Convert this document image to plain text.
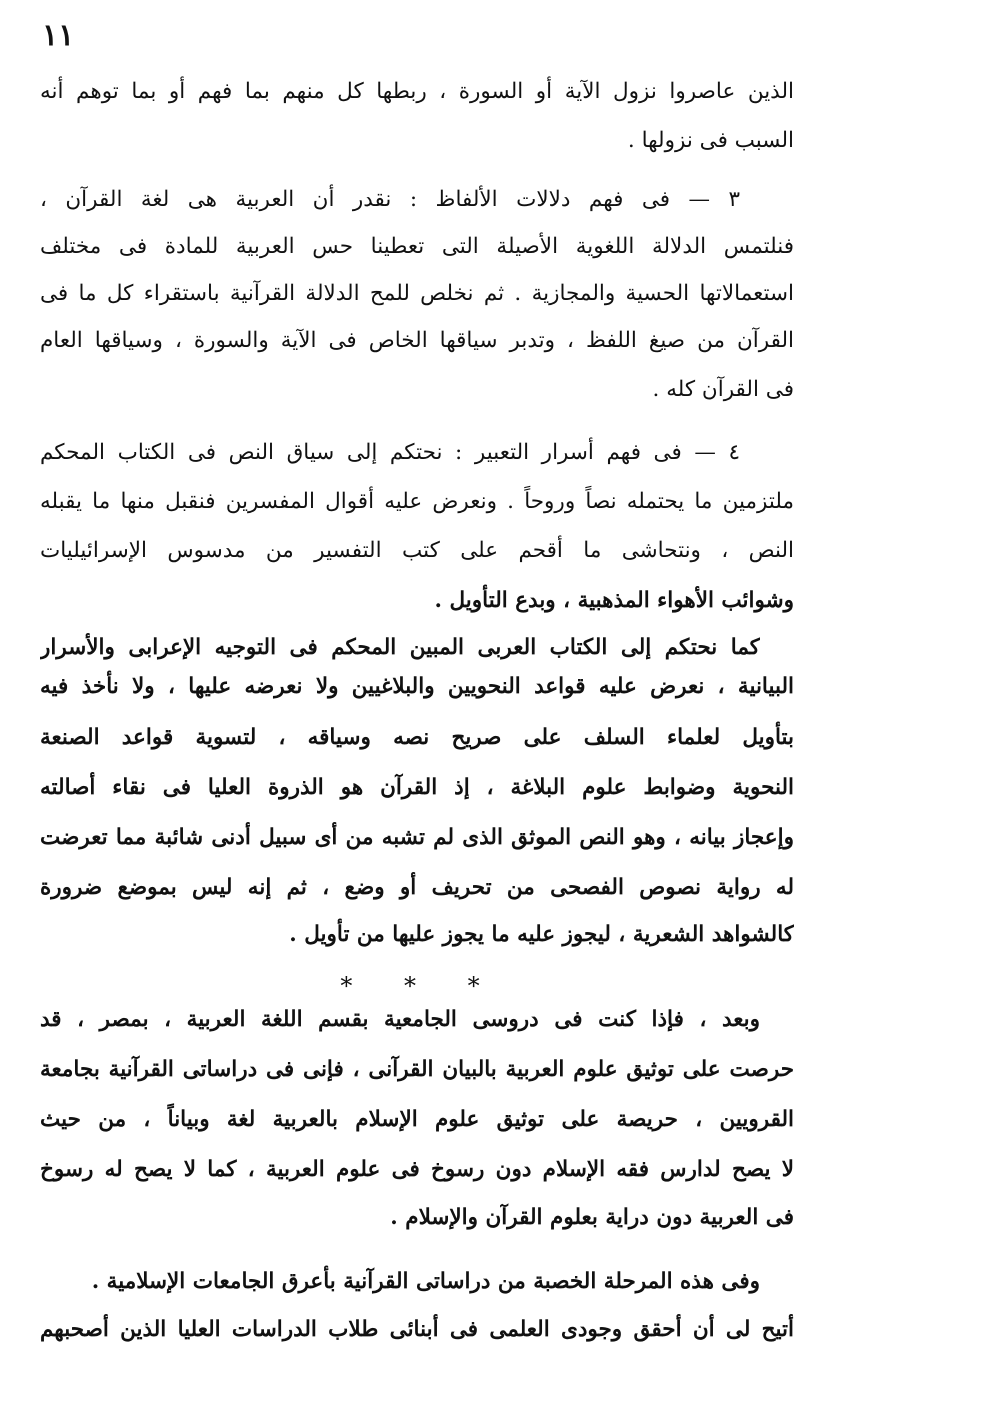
١١
الذين عاصروا نزول الآية أو السورة ، ربطها كل منهم بما فهم أو بما توهم أنه
السبب فى نزولها .
٣ — فى فهم دلالات الألفاظ : نقدر أن العربية هى لغة القرآن ،
فنلتمس الدلالة اللغوية الأصيلة التى تعطينا حس العربية للمادة فى مختلف
استعمالاتها الحسية والمجازية . ثم نخلص للمح الدلالة القرآنية باستقراء كل ما فى
القرآن من صيغ اللفظ ، وتدبر سياقها الخاص فى الآية والسورة ، وسياقها العام
فى القرآن كله .
٤ — فى فهم أسرار التعبير : نحتكم إلى سياق النص فى الكتاب المحكم
ملتزمين ما يحتمله نصاً وروحاً . ونعرض عليه أقوال المفسرين فنقبل منها ما يقبله
النص ، ونتحاشى ما أقحم على كتب التفسير من مدسوس الإسرائيليات
وشوائب الأهواء المذهبية ، وبدع التأويل .
كما نحتكم إلى الكتاب العربى المبين المحكم فى التوجيه الإعرابى والأسرار
البيانية ، نعرض عليه قواعد النحويين والبلاغيين ولا نعرضه عليها ، ولا نأخذ فيه
بتأويل لعلماء السلف على صريح نصه وسياقه ، لتسوية قواعد الصنعة
النحوية وضوابط علوم البلاغة ، إذ القرآن هو الذروة العليا فى نقاء أصالته
وإعجاز بيانه ، وهو النص الموثق الذى لم تشبه من أى سبيل أدنى شائبة مما تعرضت
له رواية نصوص الفصحى من تحريف أو وضع ، ثم إنه ليس بموضع ضرورة
كالشواهد الشعرية ، ليجوز عليه ما يجوز عليها من تأويل .
* * *
وبعد ، فإذا كنت فى دروسى الجامعية بقسم اللغة العربية ، بمصر ، قد
حرصت على توثيق علوم العربية بالبيان القرآنى ، فإنى فى دراساتى القرآنية بجامعة
القرويين ، حريصة على توثيق علوم الإسلام بالعربية لغة وبياناً ، من حيث
لا يصح لدارس فقه الإسلام دون رسوخ فى علوم العربية ، كما لا يصح له رسوخ
فى العربية دون دراية بعلوم القرآن والإسلام .
وفى هذه المرحلة الخصبة من دراساتى القرآنية بأعرق الجامعات الإسلامية .
أتيح لى أن أحقق وجودى العلمى فى أبنائى طلاب الدراسات العليا الذين أصحبهم
